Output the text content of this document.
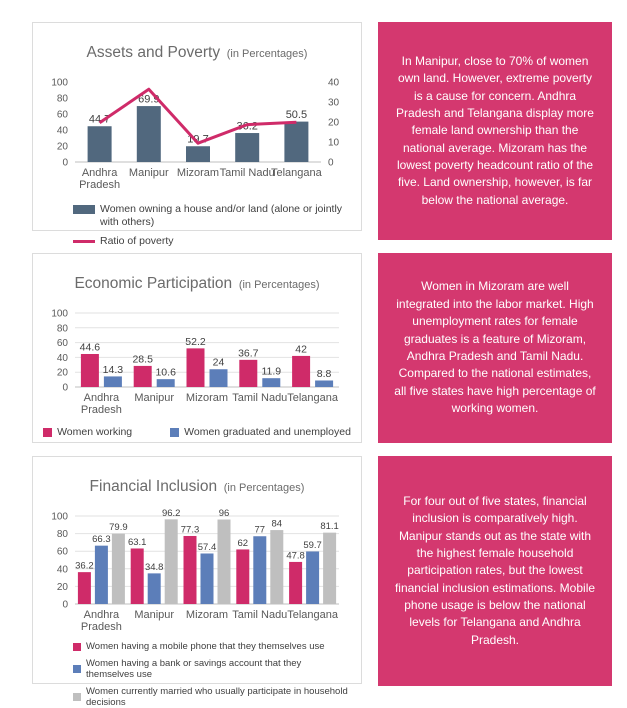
Assets and Poverty (in Percentages)
0
20
40
60
80
100
0
10
20
30
40
44.7
Andhra Pradesh
69.9
Manipur
19.7
Mizoram
36.2
Tamil Nadu
50.5
Telangana
Women owning a house and/or land (alone or jointly with others)
Ratio of poverty

In Manipur, close to 70% of women own land. However, extreme poverty is a cause for concern. Andhra Pradesh and Telangana display more female land ownership than the national average. Mizoram has the lowest poverty headcount ratio of the five. Land ownership, however, is far below the national average.

Economic Participation (in Percentages)
0
20
40
60
80
100
44.6
14.3
Andhra Pradesh
28.5
10.6
Manipur
52.2
24
Mizoram
36.7
11.9
Tamil Nadu
42
8.8
Telangana
Women working	Women graduated and unemployed

Women in Mizoram are well integrated into the labor market. High unemployment rates for female graduates is a feature of Mizoram, Andhra Pradesh and Tamil Nadu. Compared to the national estimates, all five states have high percentage of working women.

Financial Inclusion (in Percentages)
0
20
40
60
80
100
36.2
66.3
79.9
Andhra Pradesh
63.1
34.8
96.2
Manipur
77.3
57.4
96
Mizoram
62
77
84
Tamil Nadu
47.8
59.7
81.1
Telangana
Women having a mobile phone that they themselves use
Women having a bank or savings account that they themselves use
Women currently married who usually participate in household decisions

For four out of five states, financial inclusion is comparatively high. Manipur stands out as the state with the highest female household participation rates, but the lowest financial inclusion estimations. Mobile phone usage is below the national levels for Telangana and Andhra Pradesh.
